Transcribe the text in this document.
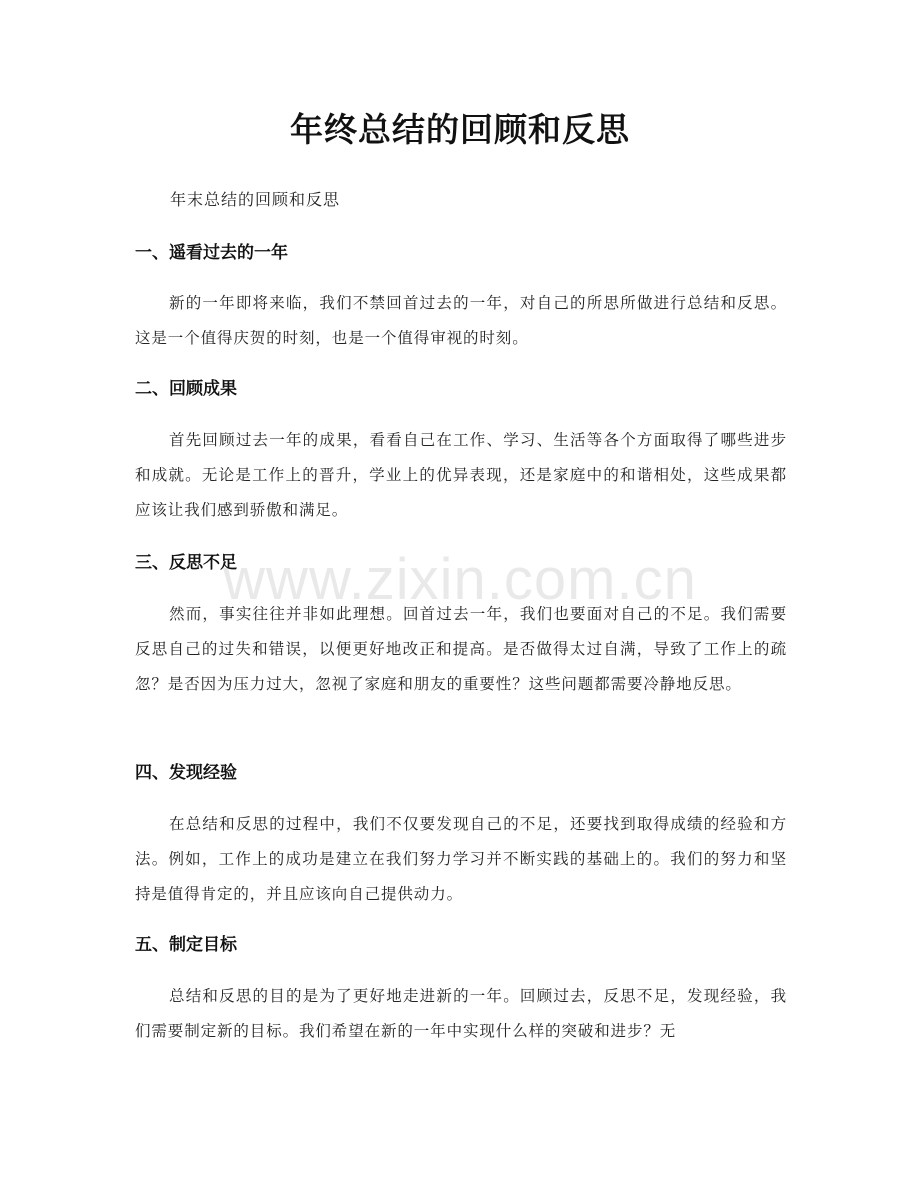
年终总结的回顾和反思

年末总结的回顾和反思

一、遥看过去的一年

新的一年即将来临，我们不禁回首过去的一年，对自己的所思所做进行总结和反思。这是一个值得庆贺的时刻，也是一个值得审视的时刻。

二、回顾成果

首先回顾过去一年的成果，看看自己在工作、学习、生活等各个方面取得了哪些进步和成就。无论是工作上的晋升，学业上的优异表现，还是家庭中的和谐相处，这些成果都应该让我们感到骄傲和满足。

三、反思不足

然而，事实往往并非如此理想。回首过去一年，我们也要面对自己的不足。我们需要反思自己的过失和错误，以便更好地改正和提高。是否做得太过自满，导致了工作上的疏忽？是否因为压力过大，忽视了家庭和朋友的重要性？这些问题都需要冷静地反思。

四、发现经验

在总结和反思的过程中，我们不仅要发现自己的不足，还要找到取得成绩的经验和方法。例如，工作上的成功是建立在我们努力学习并不断实践的基础上的。我们的努力和坚持是值得肯定的，并且应该向自己提供动力。

五、制定目标

总结和反思的目的是为了更好地走进新的一年。回顾过去，反思不足，发现经验，我们需要制定新的目标。我们希望在新的一年中实现什么样的突破和进步？无

www.zixin.com.cn
